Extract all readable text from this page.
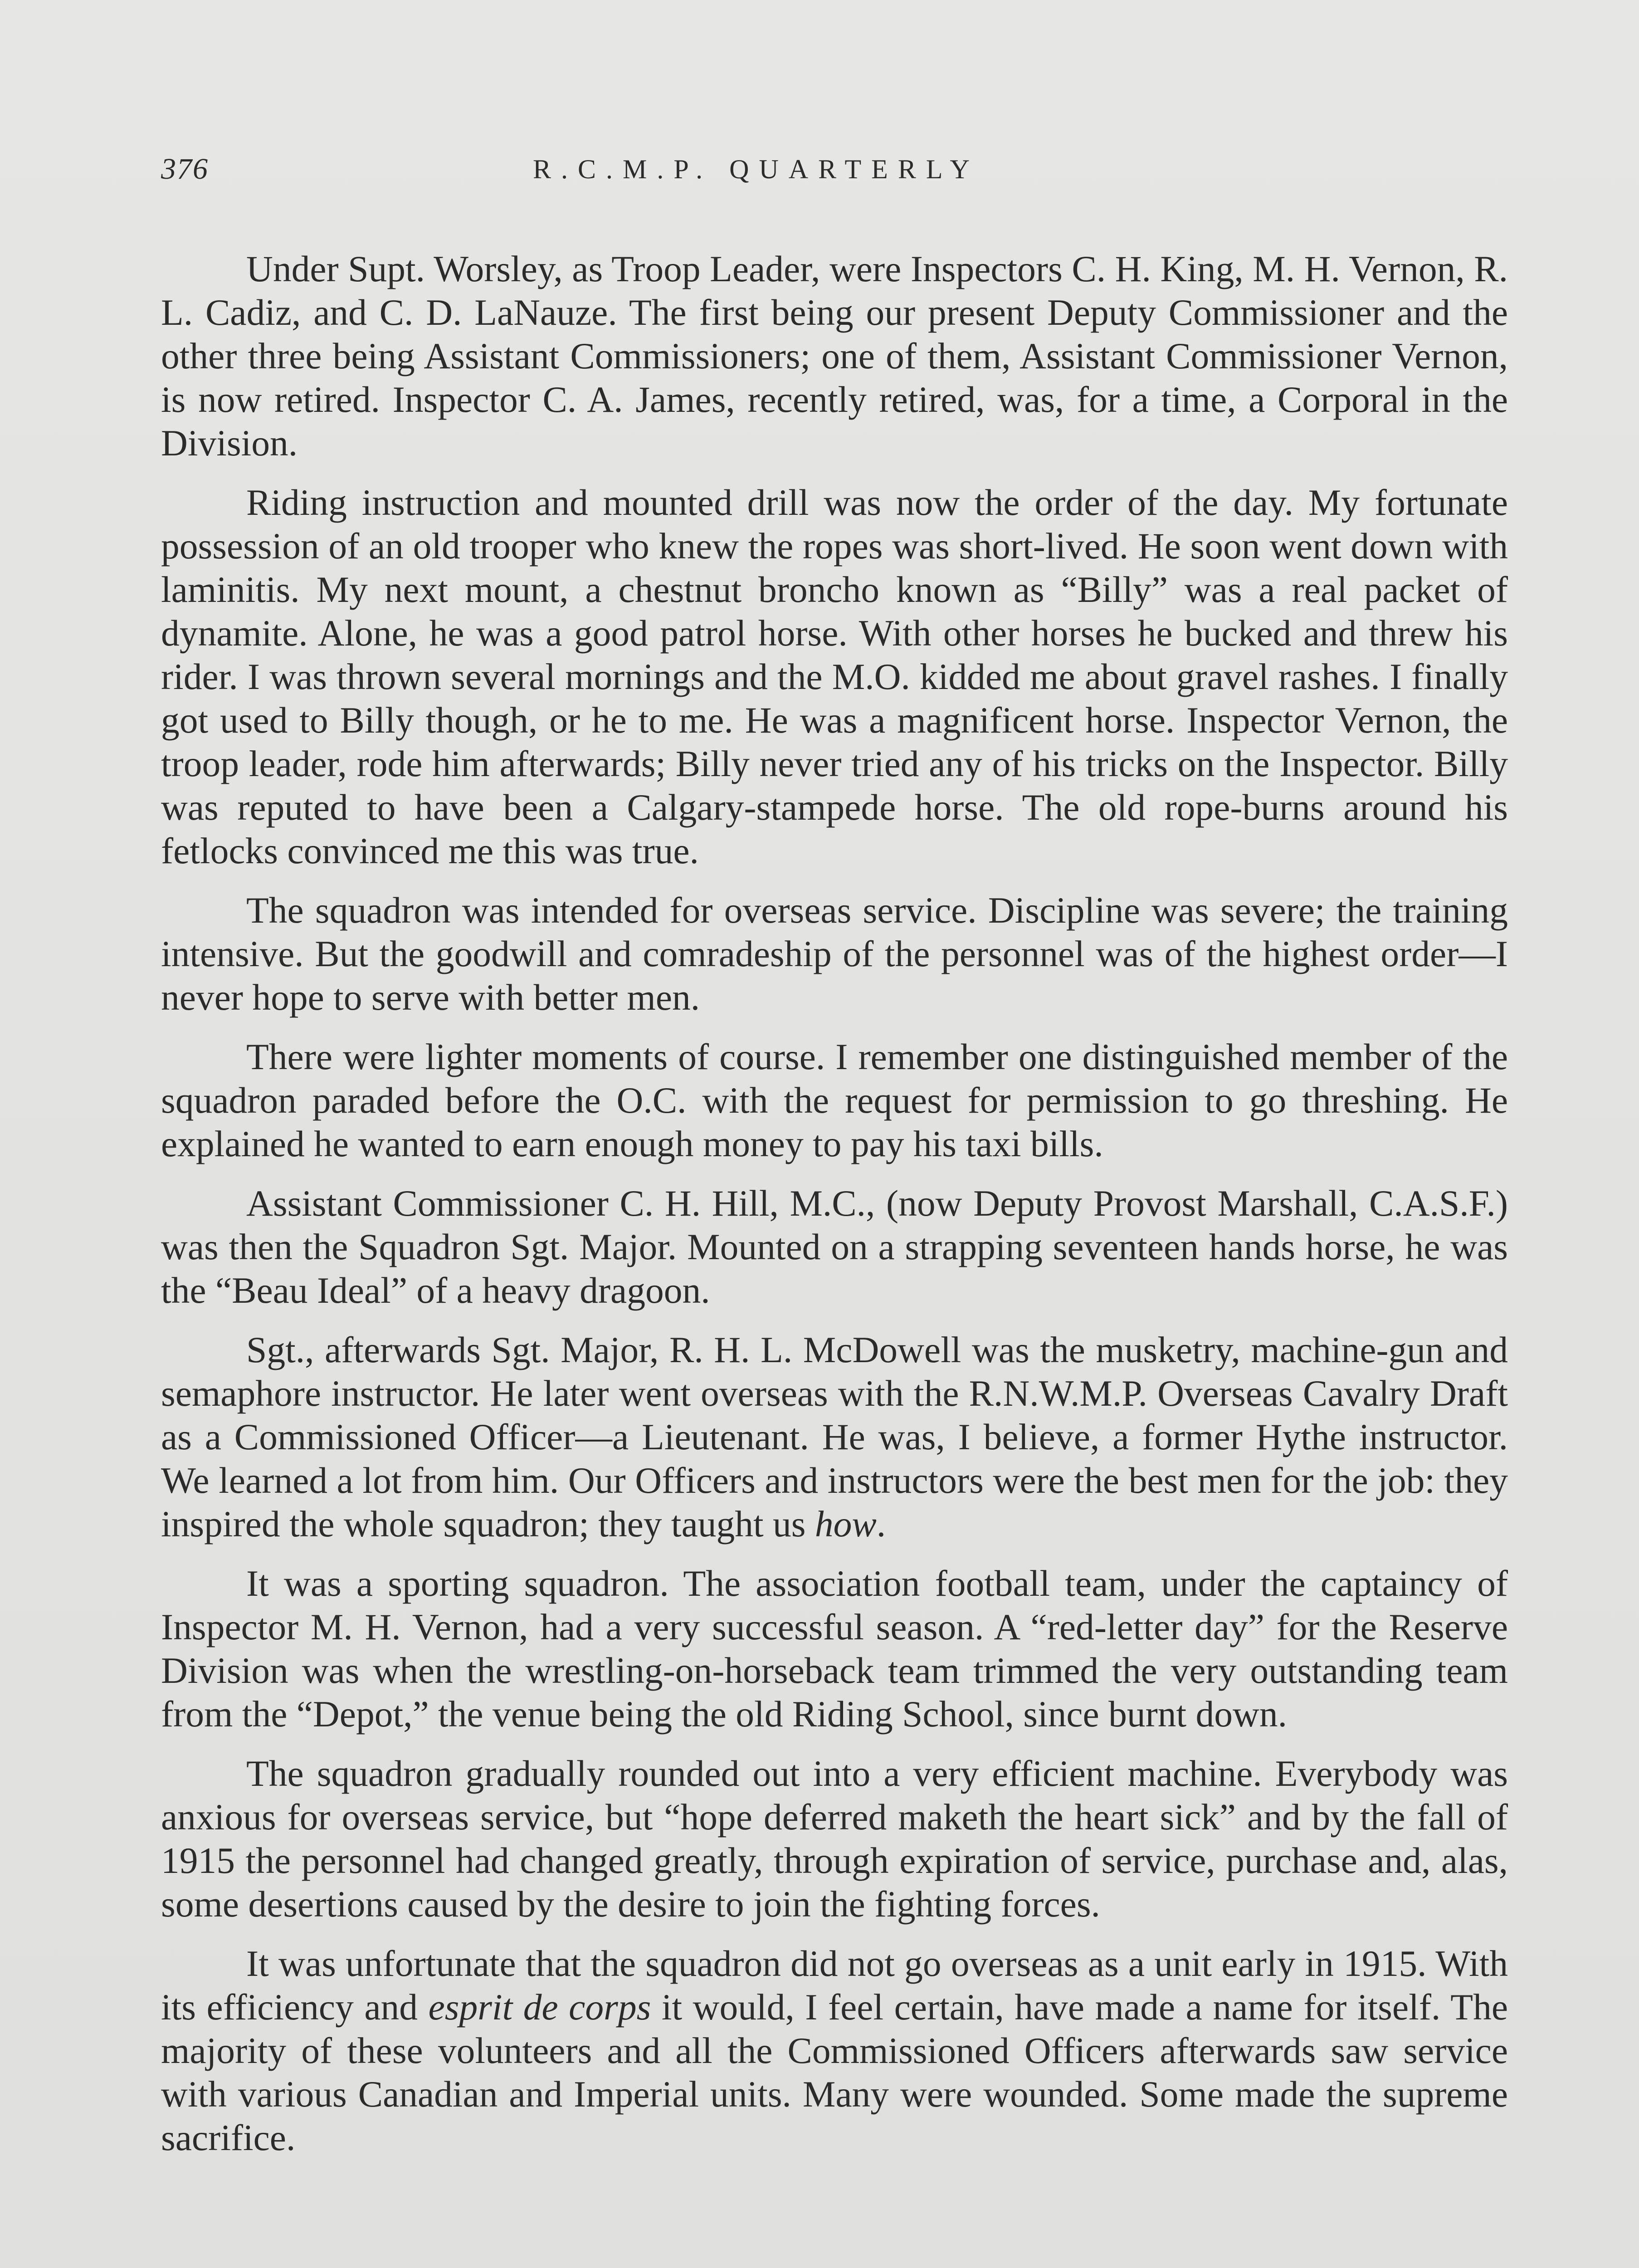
376	R.C.M.P. QUARTERLY

Under Supt. Worsley, as Troop Leader, were Inspectors C. H. King, M. H. Vernon, R. L. Cadiz, and C. D. LaNauze. The first being our present Deputy Commissioner and the other three being Assistant Commissioners; one of them, Assistant Commissioner Vernon, is now retired. Inspector C. A. James, recently retired, was, for a time, a Corporal in the Division.

Riding instruction and mounted drill was now the order of the day. My fortunate possession of an old trooper who knew the ropes was short-lived. He soon went down with laminitis. My next mount, a chestnut broncho known as “Billy” was a real packet of dynamite. Alone, he was a good patrol horse. With other horses he bucked and threw his rider. I was thrown several mornings and the M.O. kidded me about gravel rashes. I finally got used to Billy though, or he to me. He was a magnificent horse. Inspector Vernon, the troop leader, rode him afterwards; Billy never tried any of his tricks on the Inspector. Billy was reputed to have been a Calgary-stampede horse. The old rope-burns around his fetlocks convinced me this was true.

The squadron was intended for overseas service. Discipline was severe; the training intensive. But the goodwill and comradeship of the personnel was of the highest order—I never hope to serve with better men.

There were lighter moments of course. I remember one distinguished member of the squadron paraded before the O.C. with the request for permission to go threshing. He explained he wanted to earn enough money to pay his taxi bills.

Assistant Commissioner C. H. Hill, M.C., (now Deputy Provost Marshall, C.A.S.F.) was then the Squadron Sgt. Major. Mounted on a strapping seventeen hands horse, he was the “Beau Ideal” of a heavy dragoon.

Sgt., afterwards Sgt. Major, R. H. L. McDowell was the musketry, machine-gun and semaphore instructor. He later went overseas with the R.N.W.M.P. Overseas Cavalry Draft as a Commissioned Officer—a Lieutenant. He was, I believe, a former Hythe instructor. We learned a lot from him. Our Officers and instructors were the best men for the job: they inspired the whole squadron; they taught us how.

It was a sporting squadron. The association football team, under the captaincy of Inspector M. H. Vernon, had a very successful season. A “red-letter day” for the Reserve Division was when the wrestling-on-horseback team trimmed the very outstanding team from the “Depot,” the venue being the old Riding School, since burnt down.

The squadron gradually rounded out into a very efficient machine. Everybody was anxious for overseas service, but “hope deferred maketh the heart sick” and by the fall of 1915 the personnel had changed greatly, through expiration of service, purchase and, alas, some desertions caused by the desire to join the fighting forces.

It was unfortunate that the squadron did not go overseas as a unit early in 1915. With its efficiency and esprit de corps it would, I feel certain, have made a name for itself. The majority of these volunteers and all the Commissioned Officers afterwards saw service with various Canadian and Imperial units. Many were wounded. Some made the supreme sacrifice.
